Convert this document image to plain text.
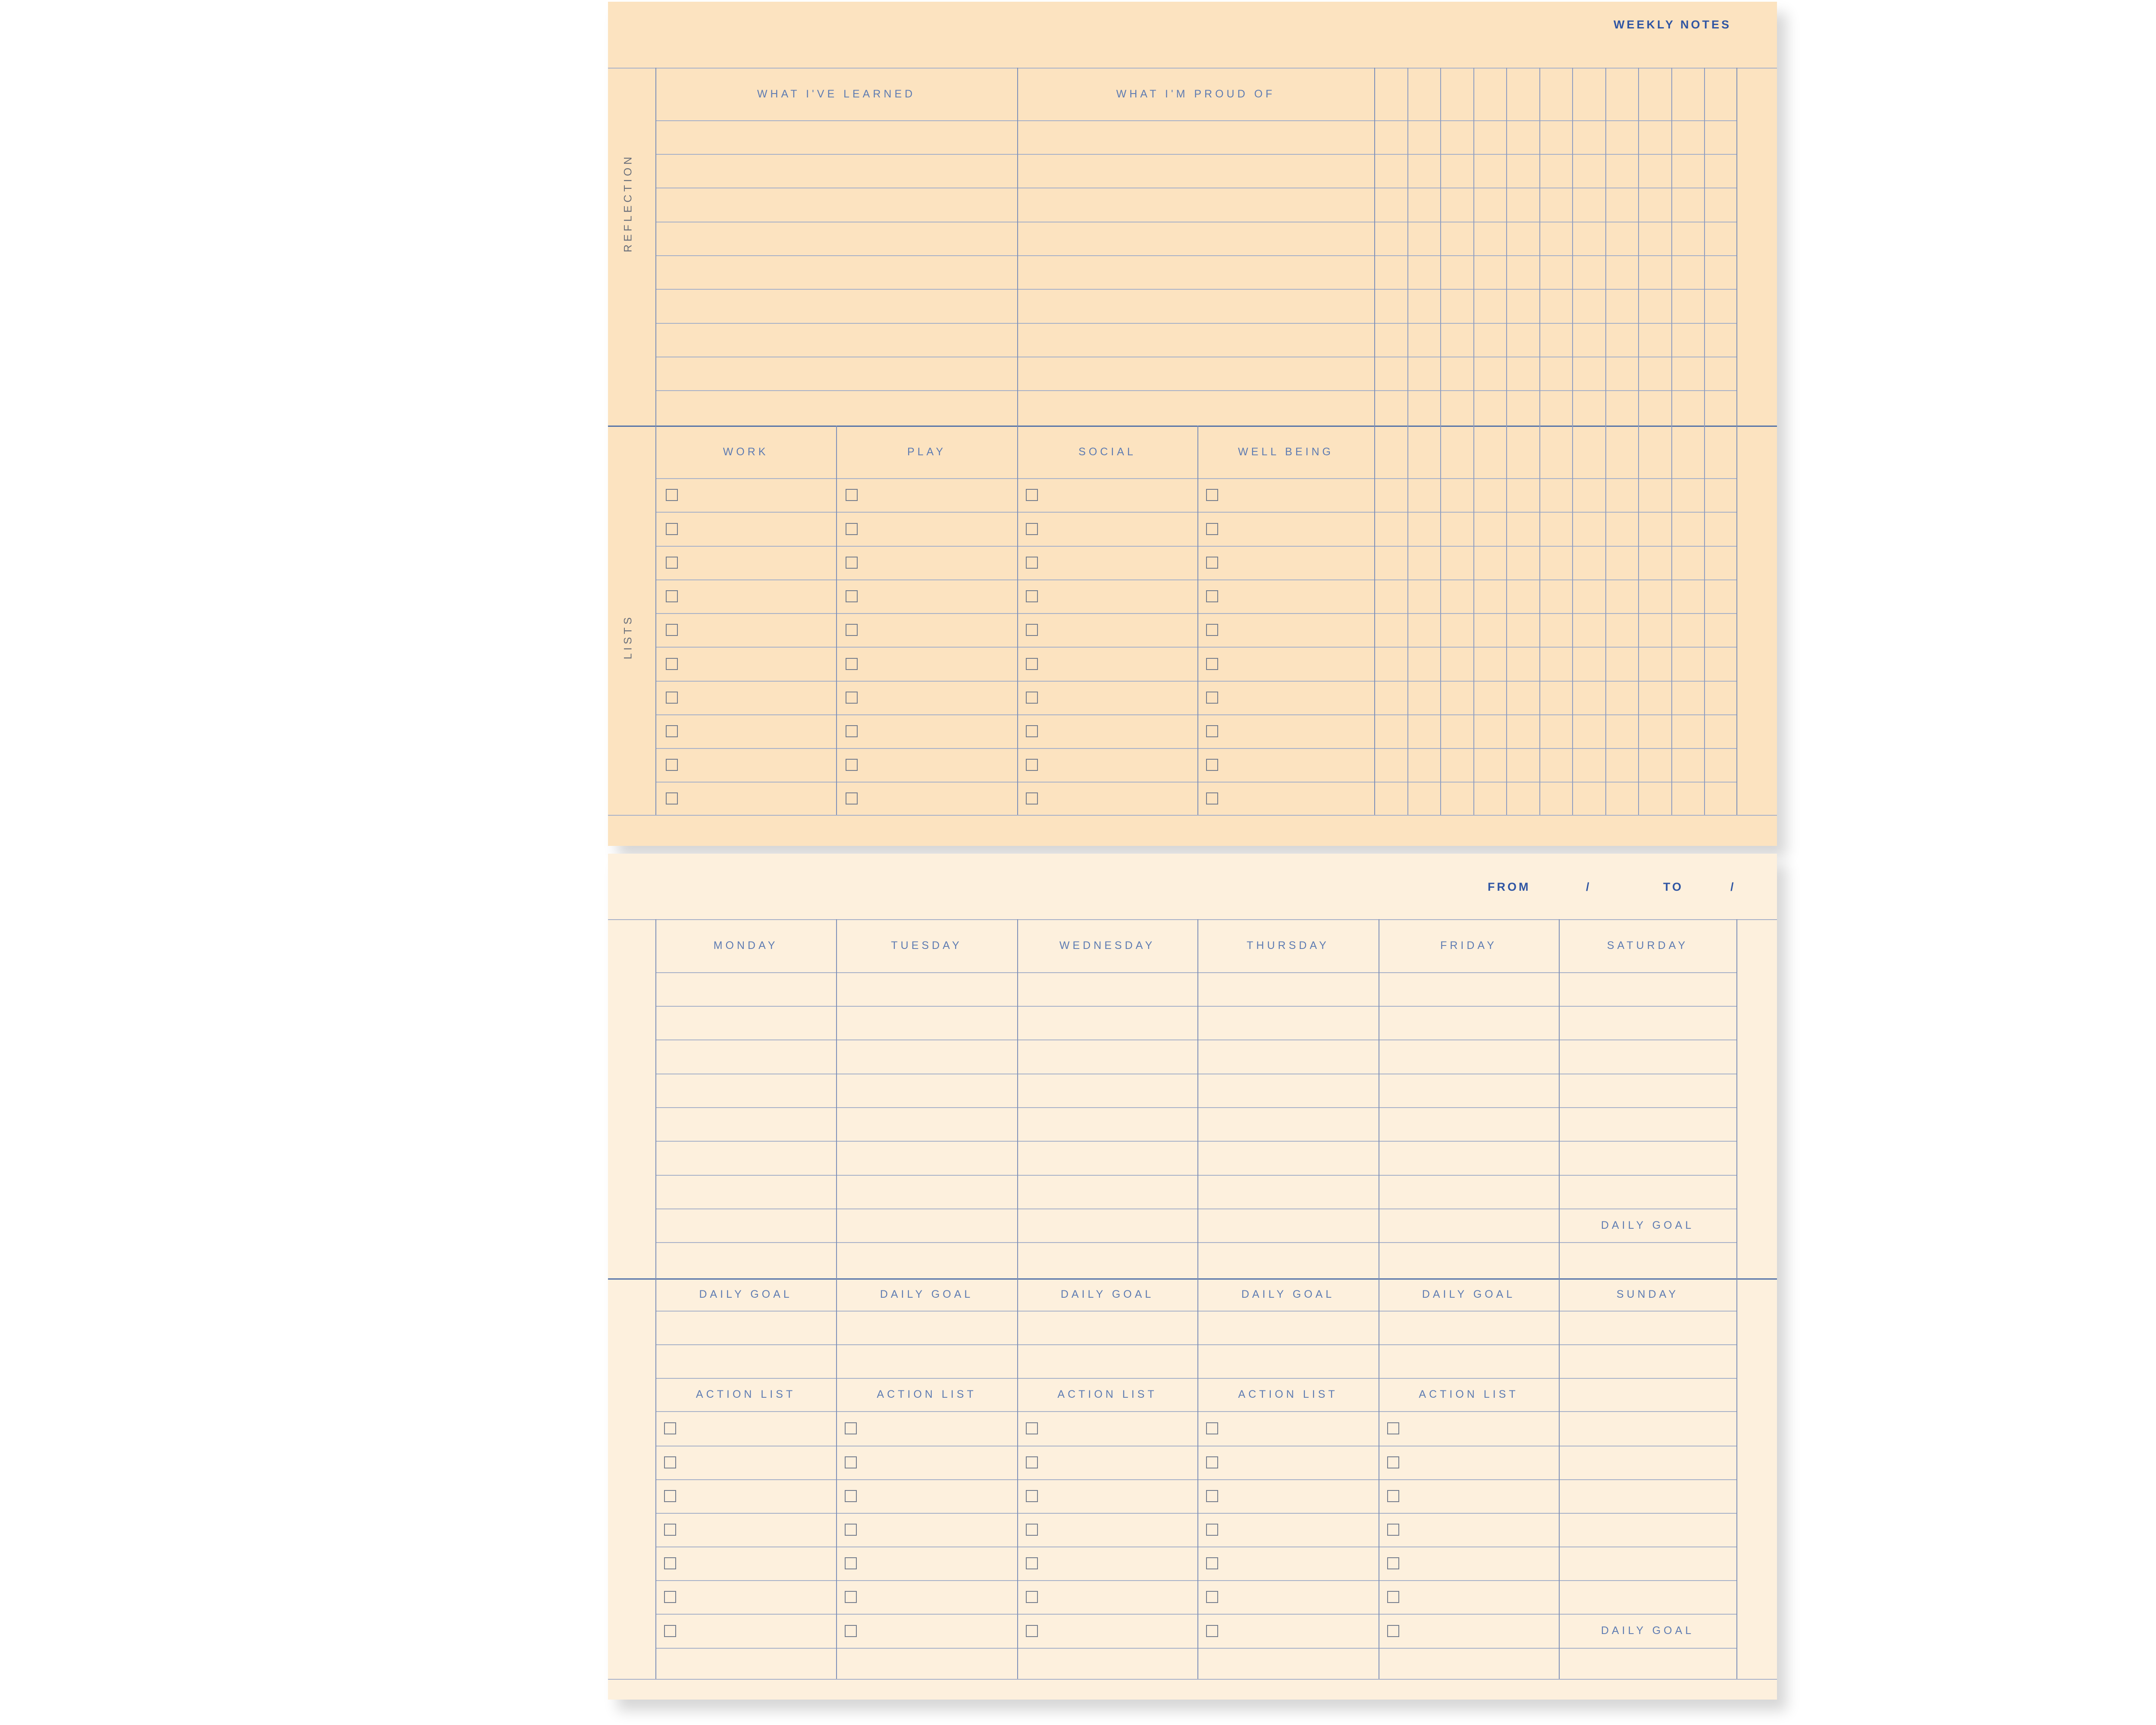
WEEKLY NOTES
REFLECTION
LISTS
WHAT I'VE LEARNED	WHAT I'M PROUD OF
WORK	PLAY	SOCIAL	WELL BEING
FROM	/	TO	/
MONDAY	TUESDAY	WEDNESDAY	THURSDAY	FRIDAY	SATURDAY
DAILY GOAL
DAILY GOAL	DAILY GOAL	DAILY GOAL	DAILY GOAL	DAILY GOAL	SUNDAY
ACTION LIST	ACTION LIST	ACTION LIST	ACTION LIST	ACTION LIST
DAILY GOAL
